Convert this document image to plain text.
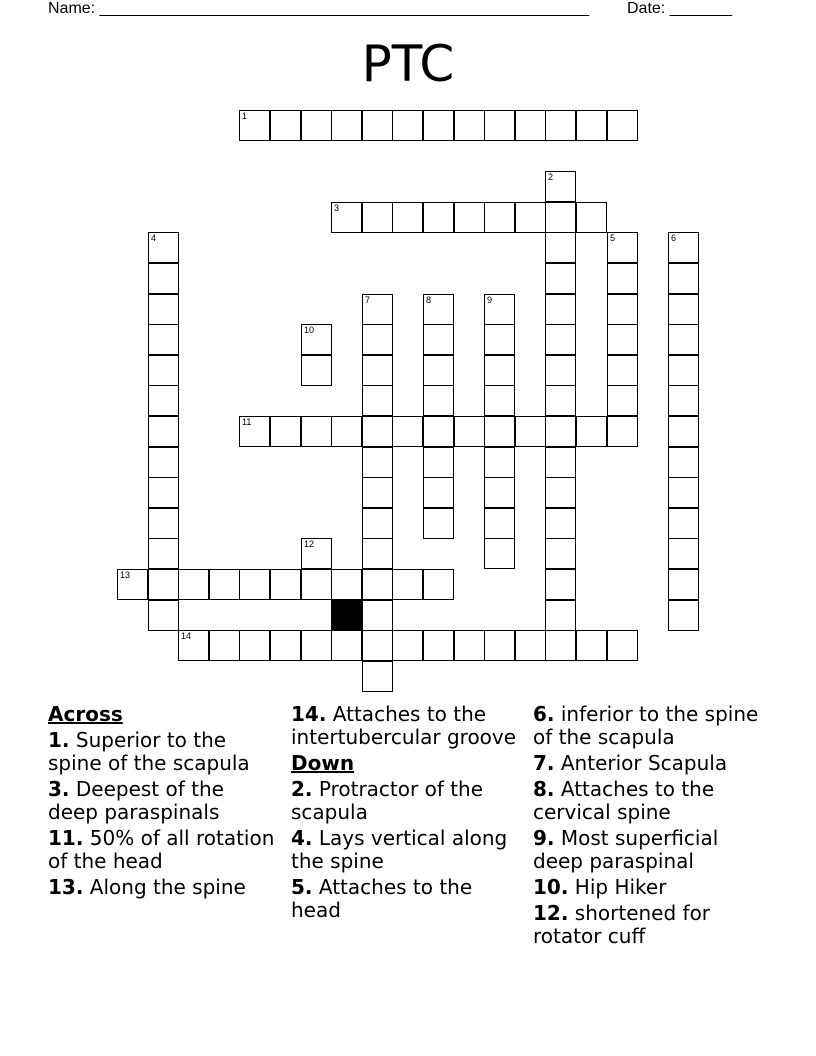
Name: _______________________________________________________ Date: _______
PTC
1
3
11
13
14
2
4	5	6
7	8	9
10
12
Across
1. Superior to the spine of the scapula
3. Deepest of the deep paraspinals
11. 50% of all rotation of the head
13. Along the spine
14. Attaches to the intertubercular groove
Down
2. Protractor of the scapula
4. Lays vertical along the spine
5. Attaches to the head
6. inferior to the spine of the scapula
7. Anterior Scapula
8. Attaches to the cervical spine
9. Most superficial deep paraspinal
10. Hip Hiker
12. shortened for rotator cuff
